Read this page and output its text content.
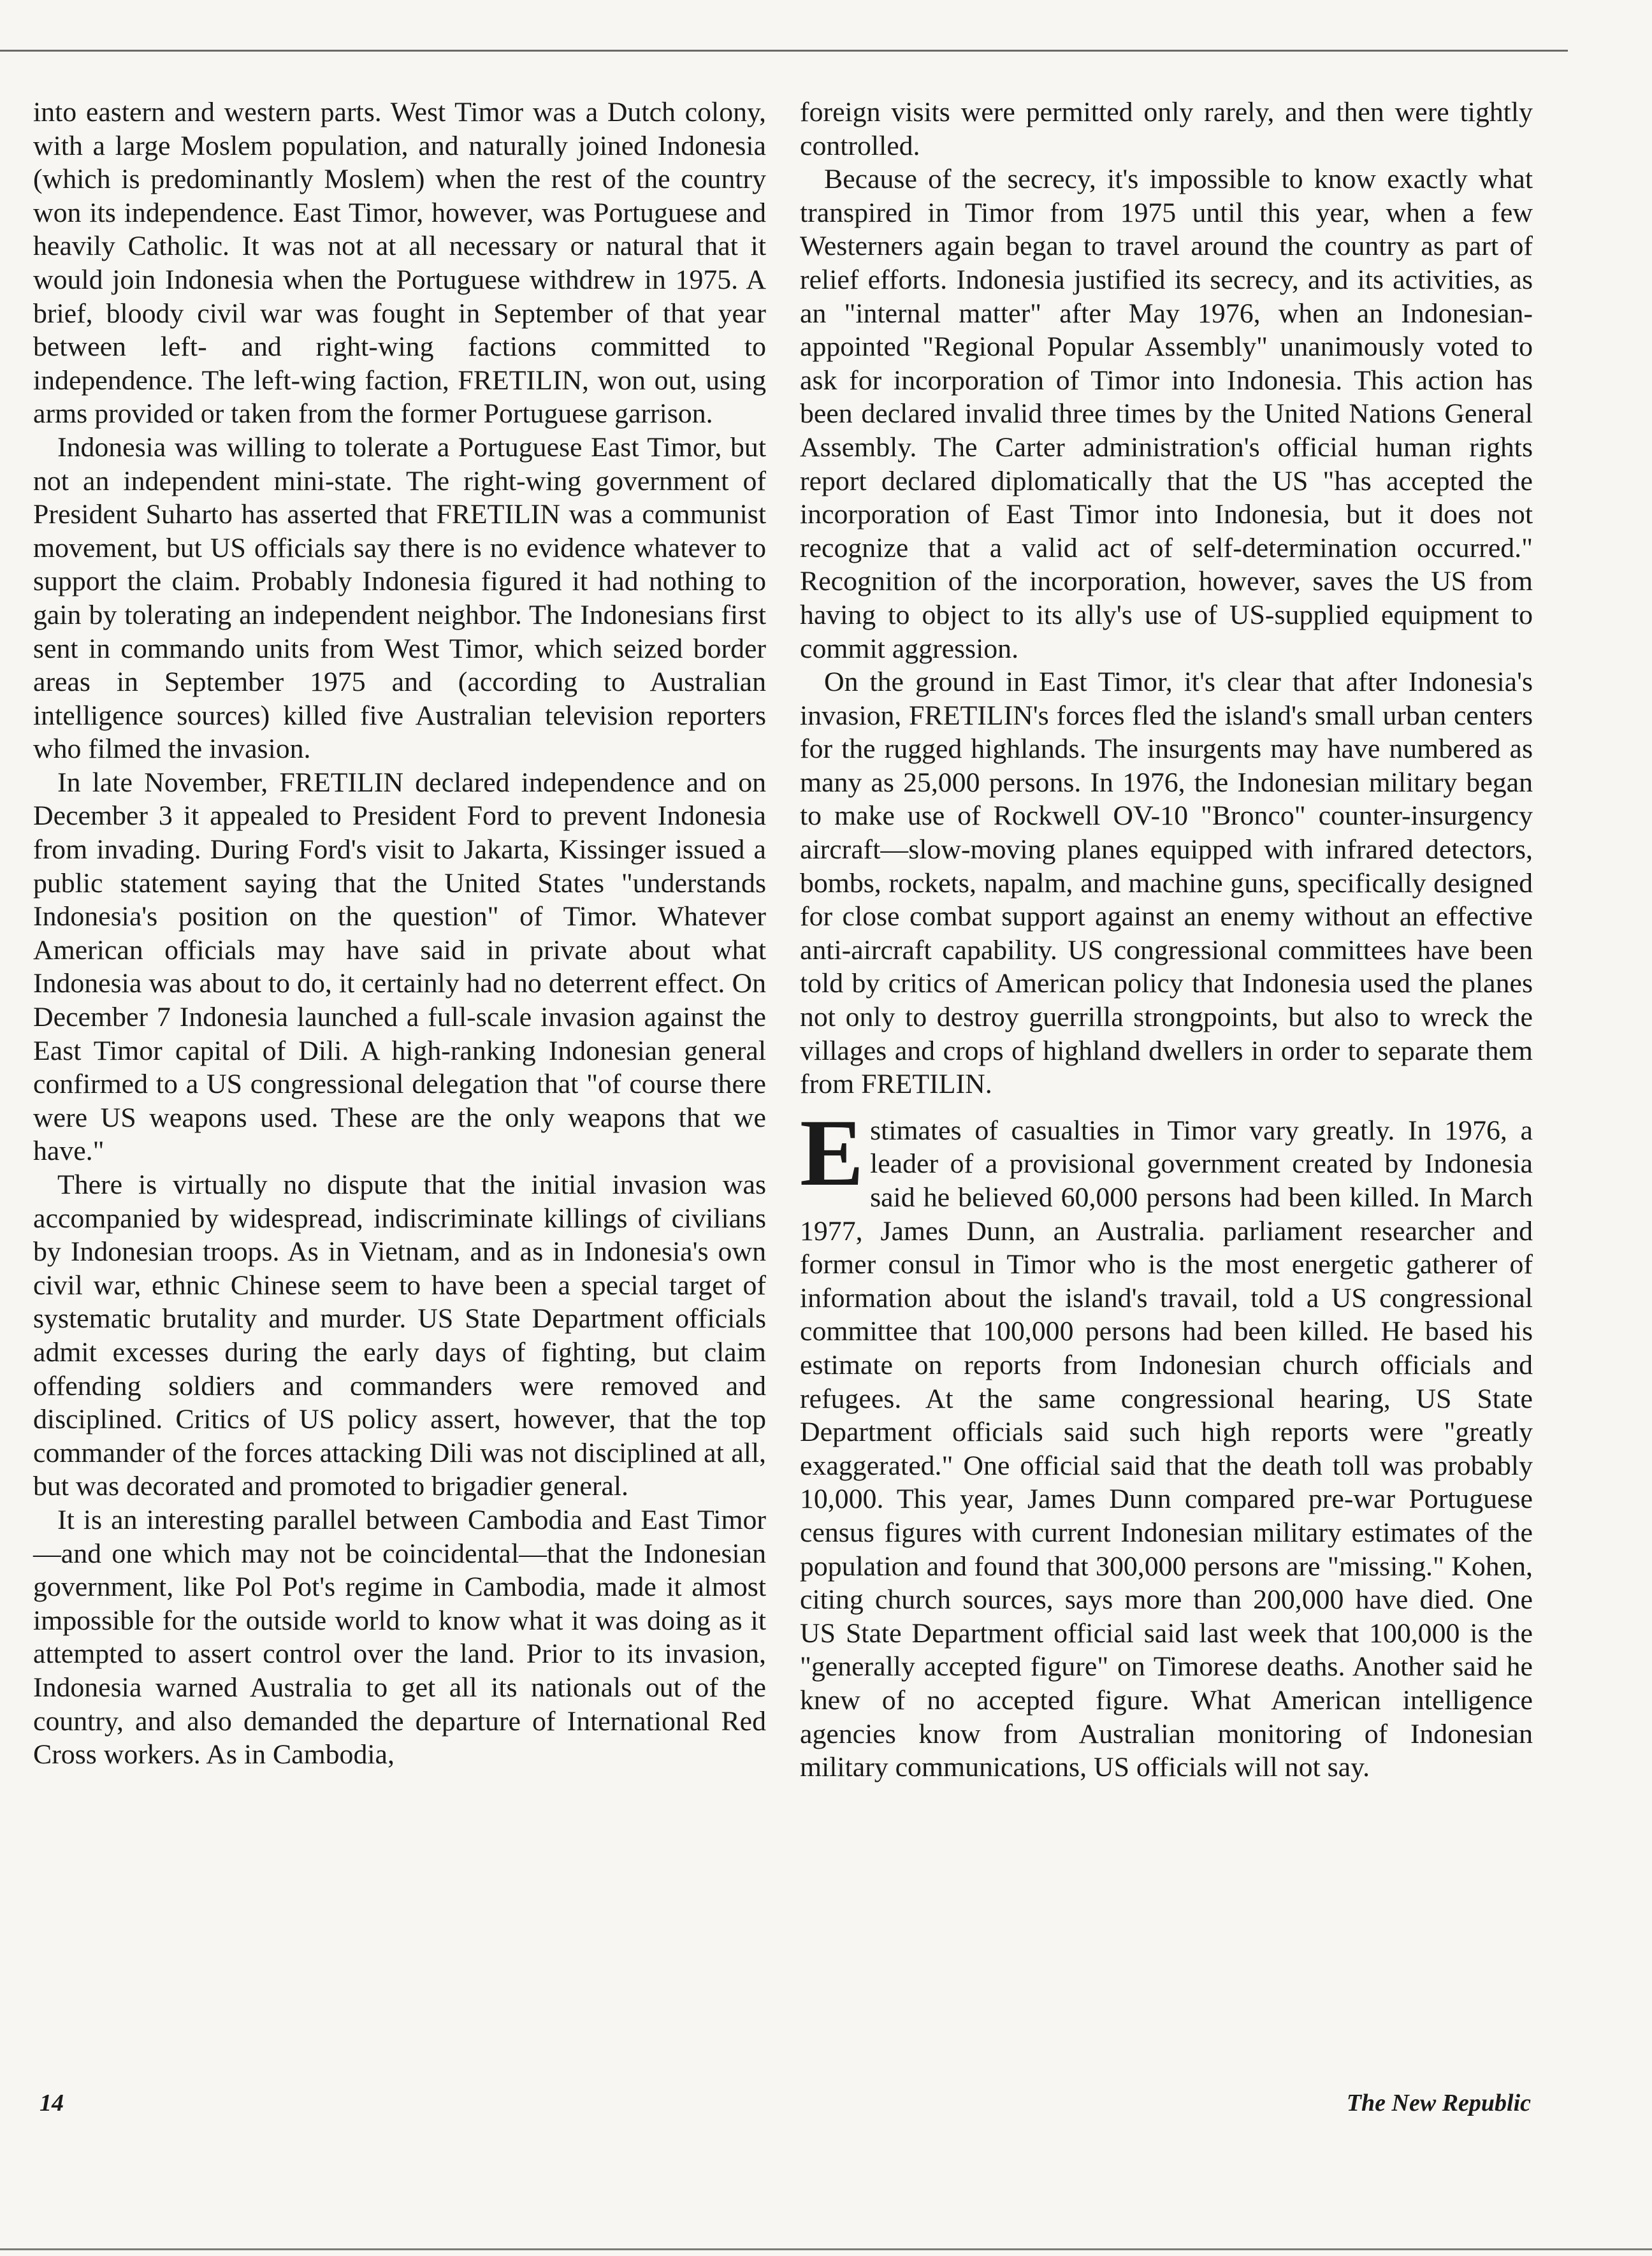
into eastern and western parts. West Timor was a Dutch colony, with a large Moslem population, and naturally joined Indonesia (which is predominantly Moslem) when the rest of the country won its independence. East Timor, however, was Portuguese and heavily Catholic. It was not at all necessary or natural that it would join Indonesia when the Portuguese withdrew in 1975. A brief, bloody civil war was fought in September of that year between left- and right-wing factions committed to independence. The left-wing faction, FRETILIN, won out, using arms provided or taken from the former Portuguese garrison.

Indonesia was willing to tolerate a Portuguese East Timor, but not an independent mini-state. The right-wing government of President Suharto has asserted that FRETILIN was a communist movement, but US officials say there is no evidence whatever to support the claim. Probably Indonesia figured it had nothing to gain by tolerating an independent neighbor. The Indonesians first sent in commando units from West Timor, which seized border areas in September 1975 and (according to Australian intelligence sources) killed five Australian television reporters who filmed the invasion.

In late November, FRETILIN declared independence and on December 3 it appealed to President Ford to prevent Indonesia from invading. During Ford's visit to Jakarta, Kissinger issued a public statement saying that the United States "understands Indonesia's position on the question" of Timor. Whatever American officials may have said in private about what Indonesia was about to do, it certainly had no deterrent effect. On December 7 Indonesia launched a full-scale invasion against the East Timor capital of Dili. A high-ranking Indonesian general confirmed to a US congressional delegation that "of course there were US weapons used. These are the only weapons that we have."

There is virtually no dispute that the initial invasion was accompanied by widespread, indiscriminate killings of civilians by Indonesian troops. As in Vietnam, and as in Indonesia's own civil war, ethnic Chinese seem to have been a special target of systematic brutality and murder. US State Department officials admit excesses during the early days of fighting, but claim offending soldiers and commanders were removed and disciplined. Critics of US policy assert, however, that the top commander of the forces attacking Dili was not disciplined at all, but was decorated and promoted to brigadier general.

It is an interesting parallel between Cambodia and East Timor—and one which may not be coincidental—that the Indonesian government, like Pol Pot's regime in Cambodia, made it almost impossible for the outside world to know what it was doing as it attempted to assert control over the land. Prior to its invasion, Indonesia warned Australia to get all its nationals out of the country, and also demanded the departure of International Red Cross workers. As in Cambodia,

foreign visits were permitted only rarely, and then were tightly controlled.

Because of the secrecy, it's impossible to know exactly what transpired in Timor from 1975 until this year, when a few Westerners again began to travel around the country as part of relief efforts. Indonesia justified its secrecy, and its activities, as an "internal matter" after May 1976, when an Indonesian-appointed "Regional Popular Assembly" unanimously voted to ask for incorporation of Timor into Indonesia. This action has been declared invalid three times by the United Nations General Assembly. The Carter administration's official human rights report declared diplomatically that the US "has accepted the incorporation of East Timor into Indonesia, but it does not recognize that a valid act of self-determination occurred." Recognition of the incorporation, however, saves the US from having to object to its ally's use of US-supplied equipment to commit aggression.

On the ground in East Timor, it's clear that after Indonesia's invasion, FRETILIN's forces fled the island's small urban centers for the rugged highlands. The insurgents may have numbered as many as 25,000 persons. In 1976, the Indonesian military began to make use of Rockwell OV-10 "Bronco" counter-insurgency aircraft—slow-moving planes equipped with infrared detectors, bombs, rockets, napalm, and machine guns, specifically designed for close combat support against an enemy without an effective anti-aircraft capability. US congressional committees have been told by critics of American policy that Indonesia used the planes not only to destroy guerrilla strongpoints, but also to wreck the villages and crops of highland dwellers in order to separate them from FRETILIN.

Estimates of casualties in Timor vary greatly. In 1976, a leader of a provisional government created by Indonesia said he believed 60,000 persons had been killed. In March 1977, James Dunn, an Australia. parliament researcher and former consul in Timor who is the most energetic gatherer of information about the island's travail, told a US congressional committee that 100,000 persons had been killed. He based his estimate on reports from Indonesian church officials and refugees. At the same congressional hearing, US State Department officials said such high reports were "greatly exaggerated." One official said that the death toll was probably 10,000. This year, James Dunn compared pre-war Portuguese census figures with current Indonesian military estimates of the population and found that 300,000 persons are "missing." Kohen, citing church sources, says more than 200,000 have died. One US State Department official said last week that 100,000 is the "generally accepted figure" on Timorese deaths. Another said he knew of no accepted figure. What American intelligence agencies know from Australian monitoring of Indonesian military communications, US officials will not say.

14	The New Republic
